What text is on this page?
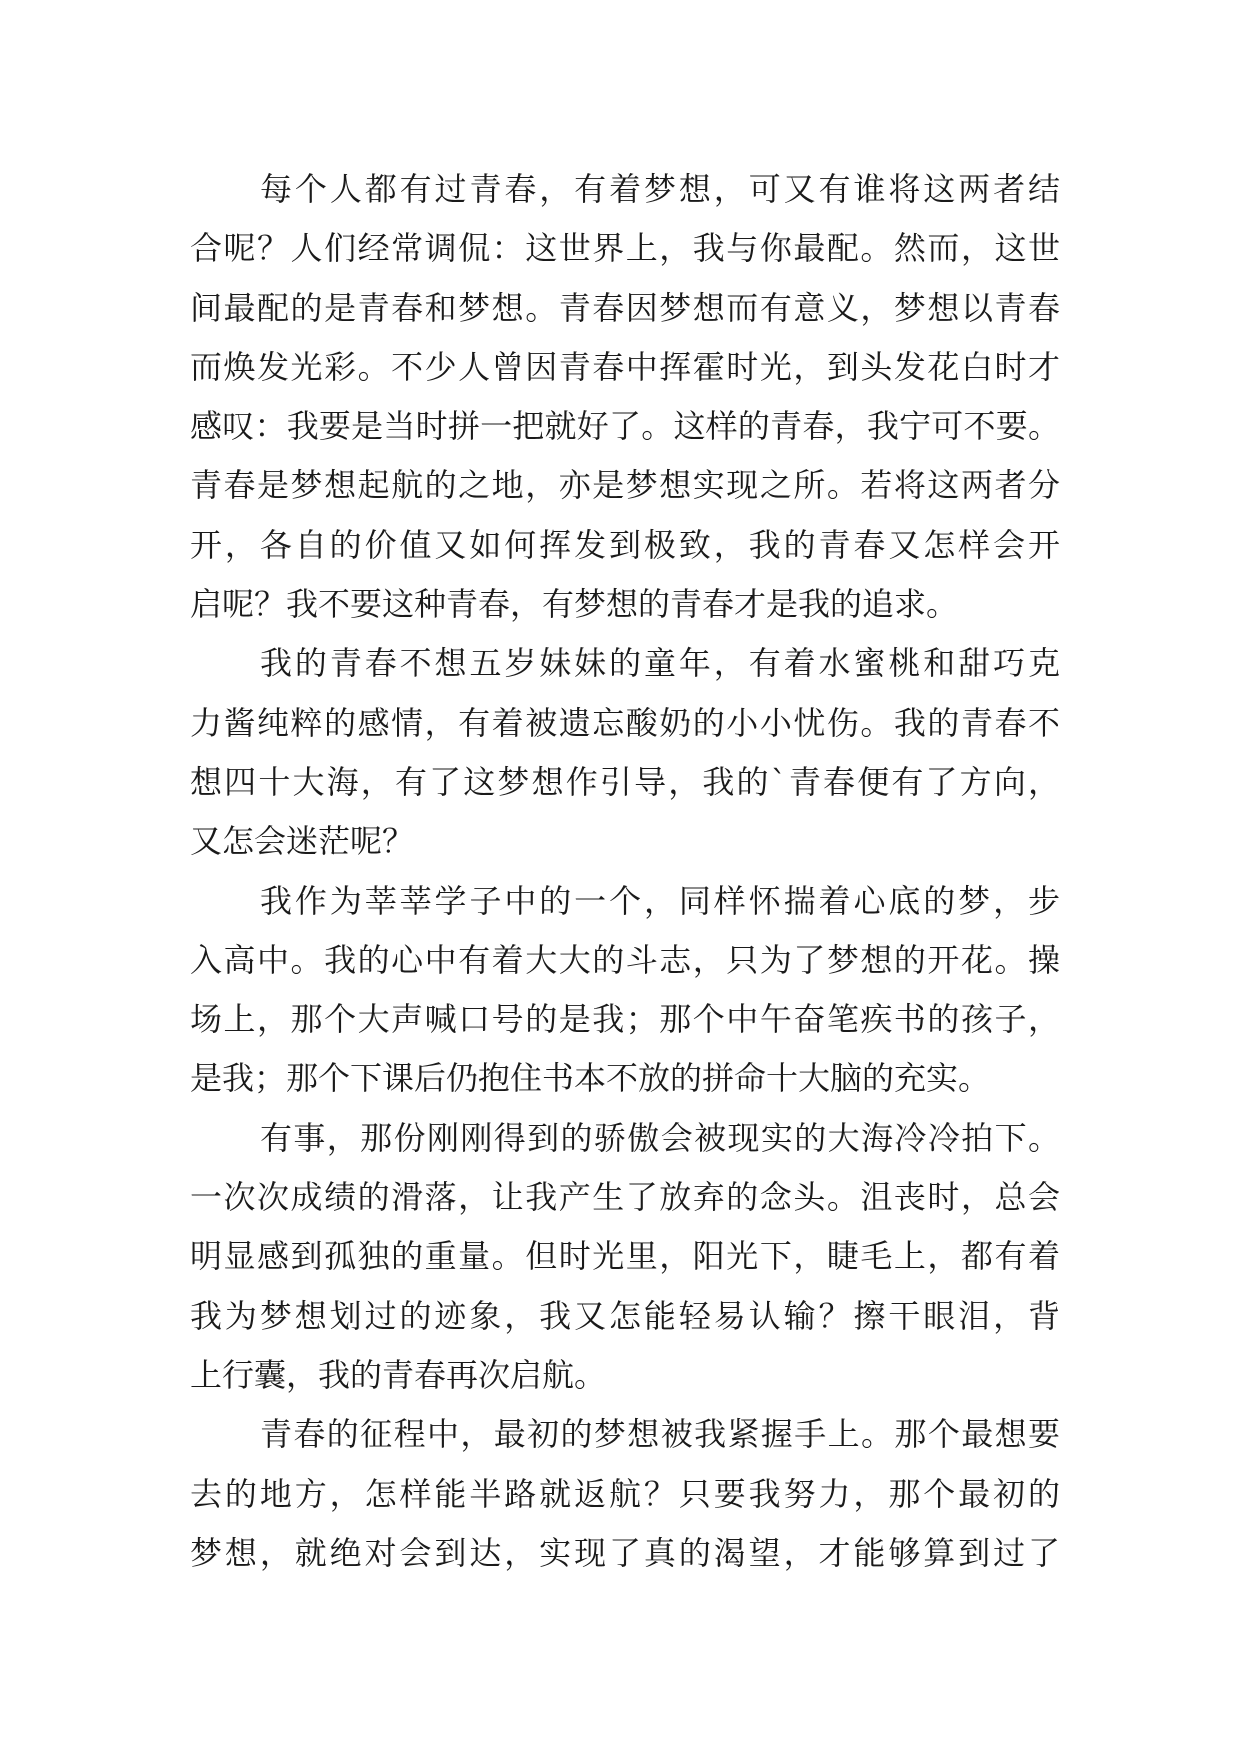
每个人都有过青春，有着梦想，可又有谁将这两者结
合呢？人们经常调侃：这世界上，我与你最配。然而，这世
间最配的是青春和梦想。青春因梦想而有意义，梦想以青春
而焕发光彩。不少人曾因青春中挥霍时光，到头发花白时才
感叹：我要是当时拼一把就好了。这样的青春，我宁可不要。
青春是梦想起航的之地，亦是梦想实现之所。若将这两者分
开，各自的价值又如何挥发到极致，我的青春又怎样会开
启呢？我不要这种青春，有梦想的青春才是我的追求。
我的青春不想五岁妹妹的童年，有着水蜜桃和甜巧克
力酱纯粹的感情，有着被遗忘酸奶的小小忧伤。我的青春不
想四十大海，有了这梦想作引导，我的`青春便有了方向，
又怎会迷茫呢？
我作为莘莘学子中的一个，同样怀揣着心底的梦，步
入高中。我的心中有着大大的斗志，只为了梦想的开花。操
场上，那个大声喊口号的是我；那个中午奋笔疾书的孩子，
是我；那个下课后仍抱住书本不放的拼命十大脑的充实。
有事，那份刚刚得到的骄傲会被现实的大海冷冷拍下。
一次次成绩的滑落，让我产生了放弃的念头。沮丧时，总会
明显感到孤独的重量。但时光里，阳光下，睫毛上，都有着
我为梦想划过的迹象，我又怎能轻易认输？擦干眼泪，背
上行囊，我的青春再次启航。
青春的征程中，最初的梦想被我紧握手上。那个最想要
去的地方，怎样能半路就返航？只要我努力，那个最初的
梦想，就绝对会到达，实现了真的渴望，才能够算到过了
